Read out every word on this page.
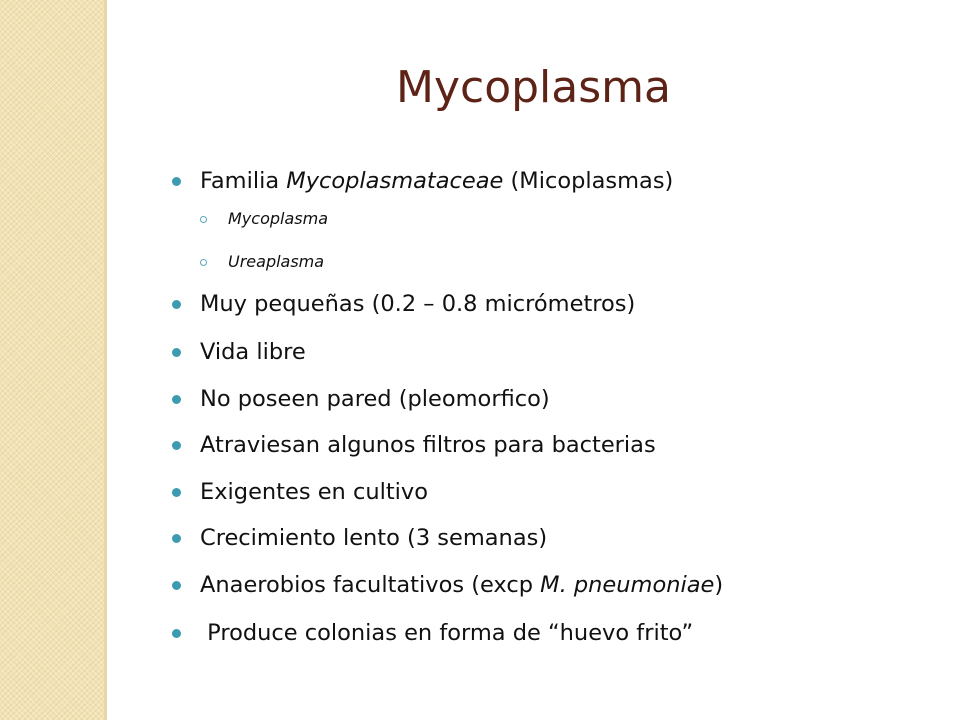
Mycoplasma
Familia Mycoplasmataceae (Micoplasmas)
Mycoplasma
Ureaplasma
Muy pequeñas (0.2 – 0.8 micrómetros)
Vida libre
No poseen pared (pleomorfico)
Atraviesan algunos filtros para bacterias
Exigentes en cultivo
Crecimiento lento (3 semanas)
Anaerobios facultativos (excp M. pneumoniae)
Produce colonias en forma de “huevo frito”
